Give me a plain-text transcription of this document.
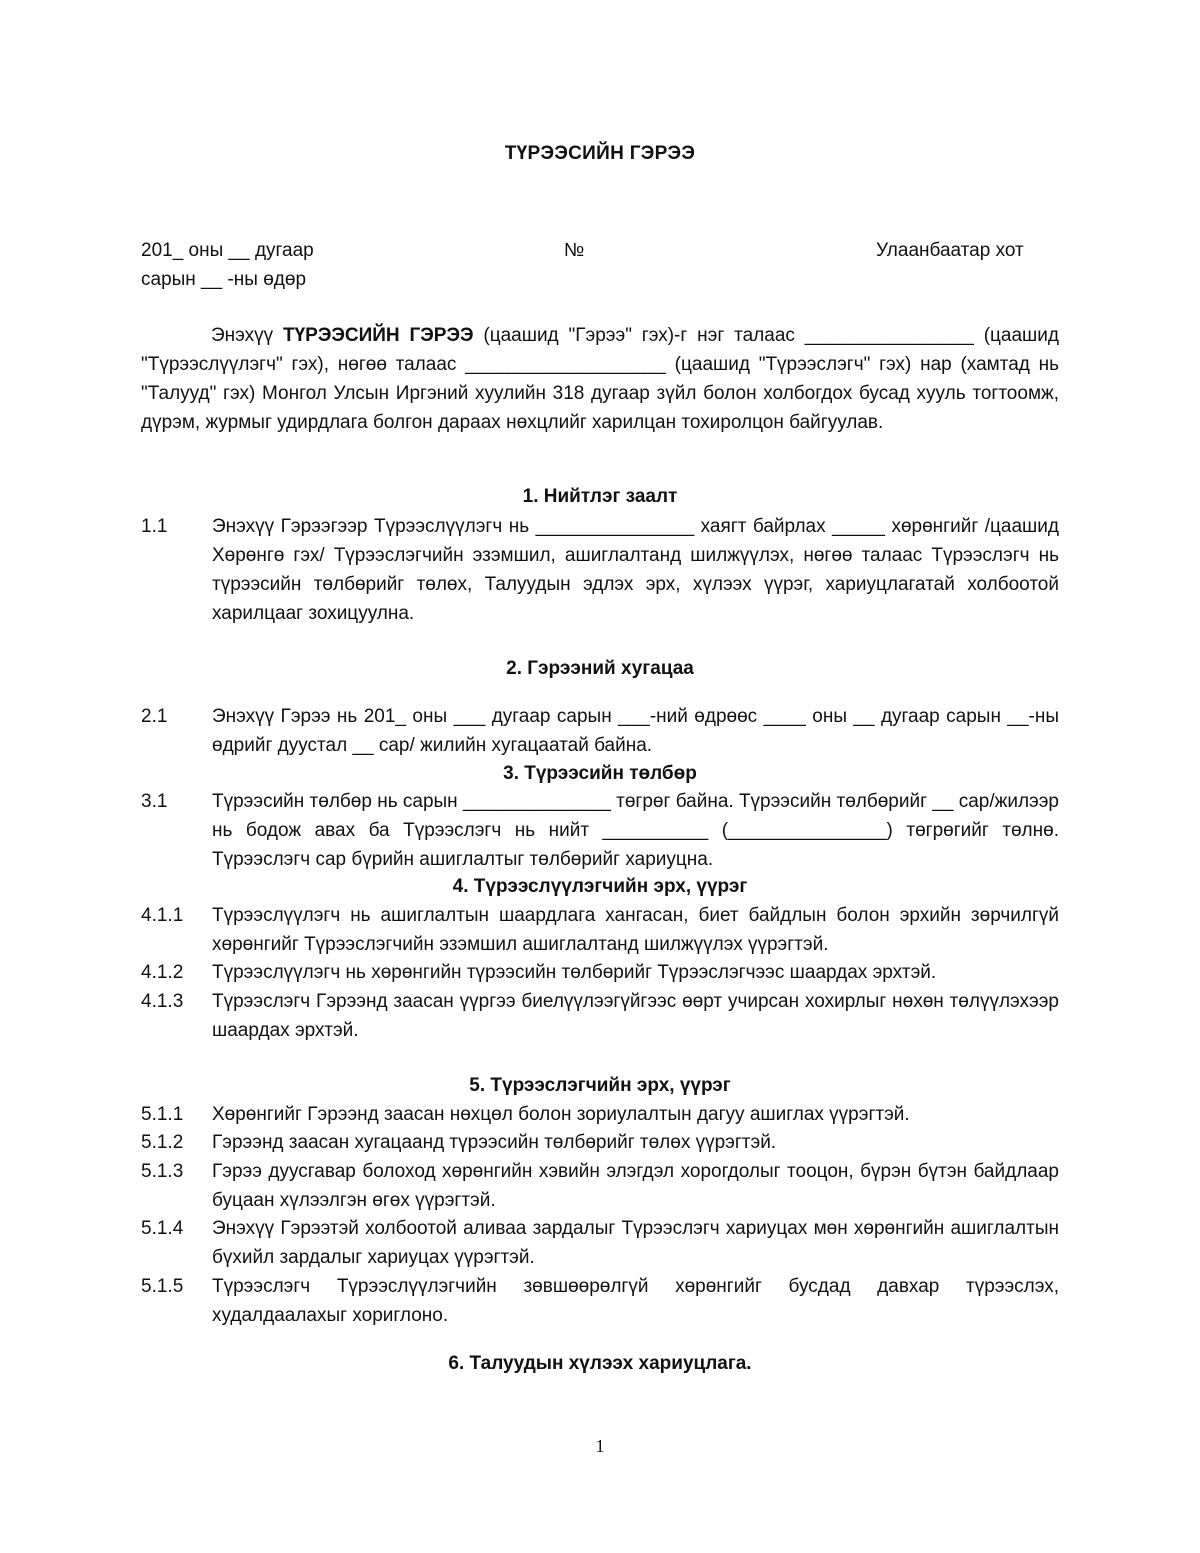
ТҮРЭЭСИЙН ГЭРЭЭ
201_ оны __ дугаар
сарын __ -ны өдөр
№	Улаанбаатар хот
Энэхүү ТҮРЭЭСИЙН ГЭРЭЭ (цаашид "Гэрээ" гэх)-г нэг талаас ________________ (цаашид "Түрээслүүлэгч" гэх), нөгөө талаас ___________________ (цаашид "Түрээслэгч" гэх) нар (хамтад нь "Талууд" гэх) Монгол Улсын Иргэний хуулийн 318 дугаар зүйл болон холбогдох бусад хууль тогтоомж, дүрэм, журмыг удирдлага болгон дараах нөхцлийг харилцан тохиролцон байгуулав.
1. Нийтлэг заалт
1.1 Энэхүү Гэрээгээр Түрээслүүлэгч нь _______________ хаягт байрлах _____ хөрөнгийг /цаашид Хөрөнгө гэх/ Түрээслэгчийн эзэмшил, ашиглалтанд шилжүүлэх, нөгөө талаас Түрээслэгч нь түрээсийн төлбөрийг төлөх, Талуудын эдлэх эрх, хүлээх үүрэг, хариуцлагатай холбоотой харилцааг зохицуулна.
2. Гэрээний хугацаа
2.1 Энэхүү Гэрээ нь 201_ оны ___ дугаар сарын ___-ний өдрөөс ____ оны __ дугаар сарын __-ны өдрийг дуустал __ сар/ жилийн хугацаатай байна.
3. Түрээсийн төлбөр
3.1 Түрээсийн төлбөр нь сарын ______________ төгрөг байна. Түрээсийн төлбөрийг __ сар/жилээр нь бодож авах ба Түрээслэгч нь нийт __________ (_______________) төгрөгийг төлнө. Түрээслэгч сар бүрийн ашиглалтыг төлбөрийг хариуцна.
4. Түрээслүүлэгчийн эрх, үүрэг
4.1.1 Түрээслүүлэгч нь ашиглалтын шаардлага хангасан, биет байдлын болон эрхийн зөрчилгүй хөрөнгийг Түрээслэгчийн эзэмшил ашиглалтанд шилжүүлэх үүрэгтэй.
4.1.2 Түрээслүүлэгч нь хөрөнгийн түрээсийн төлбөрийг Түрээслэгчээс шаардах эрхтэй.
4.1.3 Түрээслэгч Гэрээнд заасан үүргээ биелүүлээгүйгээс өөрт учирсан хохирлыг нөхөн төлүүлэхээр шаардах эрхтэй.
5. Түрээслэгчийн эрх, үүрэг
5.1.1 Хөрөнгийг Гэрээнд заасан нөхцөл болон зориулалтын дагуу ашиглах үүрэгтэй.
5.1.2 Гэрээнд заасан хугацаанд түрээсийн төлбөрийг төлөх үүрэгтэй.
5.1.3 Гэрээ дуусгавар болоход хөрөнгийн хэвийн элэгдэл хорогдолыг тооцон, бүрэн бүтэн байдлаар буцаан хүлээлгэн өгөх үүрэгтэй.
5.1.4 Энэхүү Гэрээтэй холбоотой аливаа зардалыг Түрээслэгч хариуцах мөн хөрөнгийн ашиглалтын бүхийл зардалыг хариуцах үүрэгтэй.
5.1.5 Түрээслэгч Түрээслүүлэгчийн зөвшөөрөлгүй хөрөнгийг бусдад давхар түрээслэх, худалдаалахыг хориглоно.
6. Талуудын хүлээх хариуцлага.
1
